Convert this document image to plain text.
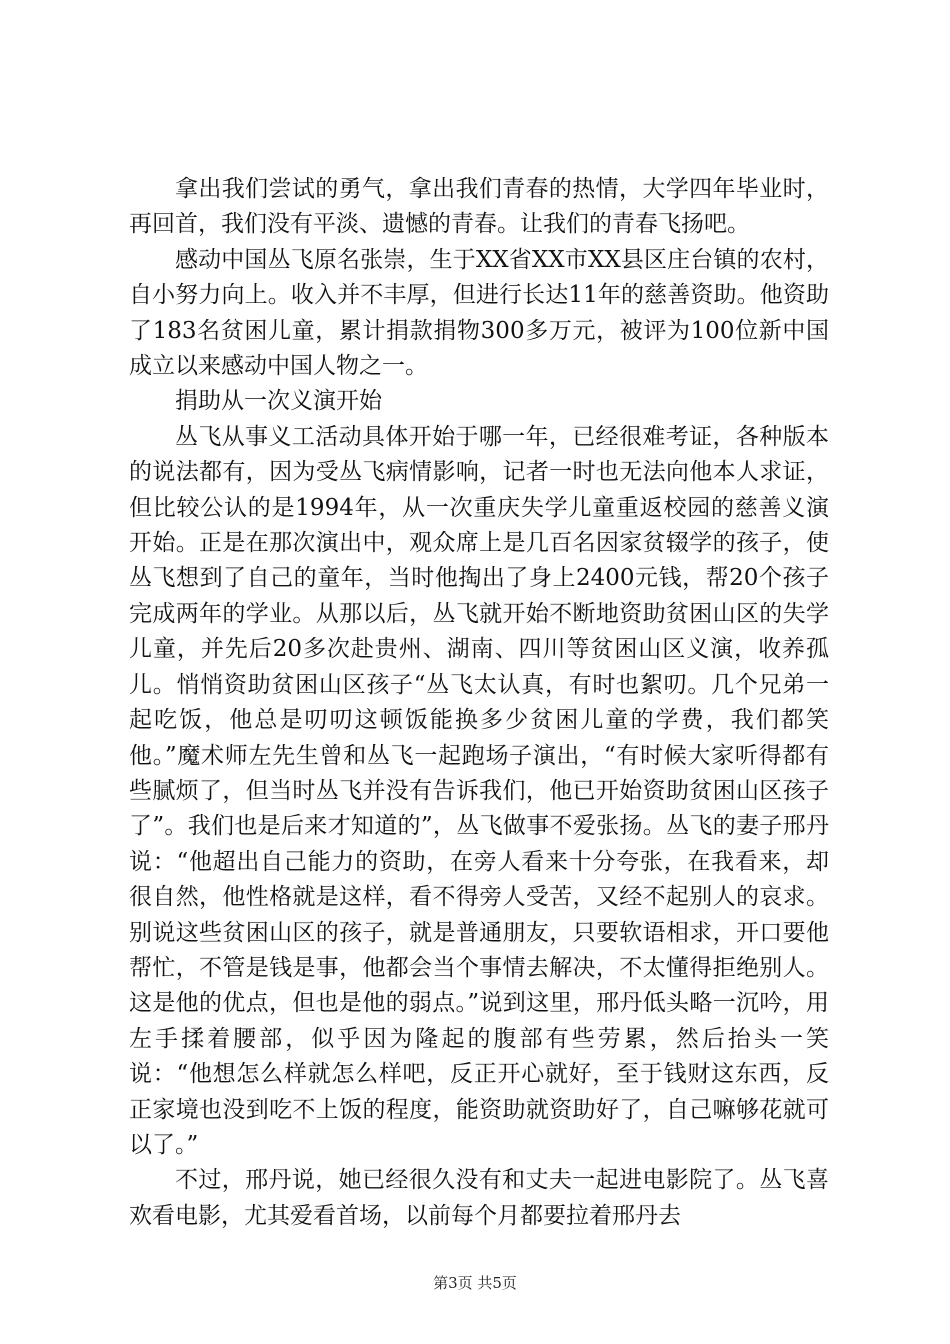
拿出我们尝试的勇气，拿出我们青春的热情，大学四年毕业时，再回首，我们没有平淡、遗憾的青春。让我们的青春飞扬吧。

感动中国丛飞原名张崇，生于XX省XX市XX县区庄台镇的农村，自小努力向上。收入并不丰厚，但进行长达11年的慈善资助。他资助了183名贫困儿童，累计捐款捐物300多万元，被评为100位新中国成立以来感动中国人物之一。

捐助从一次义演开始

丛飞从事义工活动具体开始于哪一年，已经很难考证，各种版本的说法都有，因为受丛飞病情影响，记者一时也无法向他本人求证，但比较公认的是1994年，从一次重庆失学儿童重返校园的慈善义演开始。正是在那次演出中，观众席上是几百名因家贫辍学的孩子，使丛飞想到了自己的童年，当时他掏出了身上2400元钱，帮20个孩子完成两年的学业。从那以后，丛飞就开始不断地资助贫困山区的失学儿童，并先后20多次赴贵州、湖南、四川等贫困山区义演，收养孤儿。悄悄资助贫困山区孩子“丛飞太认真，有时也絮叨。几个兄弟一起吃饭，他总是叨叨这顿饭能换多少贫困儿童的学费，我们都笑他。”魔术师左先生曾和丛飞一起跑场子演出，“有时候大家听得都有些腻烦了，但当时丛飞并没有告诉我们，他已开始资助贫困山区孩子了”。我们也是后来才知道的”，丛飞做事不爱张扬。丛飞的妻子邢丹说：“他超出自己能力的资助，在旁人看来十分夸张，在我看来，却很自然，他性格就是这样，看不得旁人受苦，又经不起别人的哀求。别说这些贫困山区的孩子，就是普通朋友，只要软语相求，开口要他帮忙，不管是钱是事，他都会当个事情去解决，不太懂得拒绝别人。这是他的优点，但也是他的弱点。”说到这里，邢丹低头略一沉吟，用左手揉着腰部，似乎因为隆起的腹部有些劳累，然后抬头一笑说：“他想怎么样就怎么样吧，反正开心就好，至于钱财这东西，反正家境也没到吃不上饭的程度，能资助就资助好了，自己嘛够花就可以了。”

不过，邢丹说，她已经很久没有和丈夫一起进电影院了。丛飞喜欢看电影，尤其爱看首场，以前每个月都要拉着邢丹去

第3页 共5页
